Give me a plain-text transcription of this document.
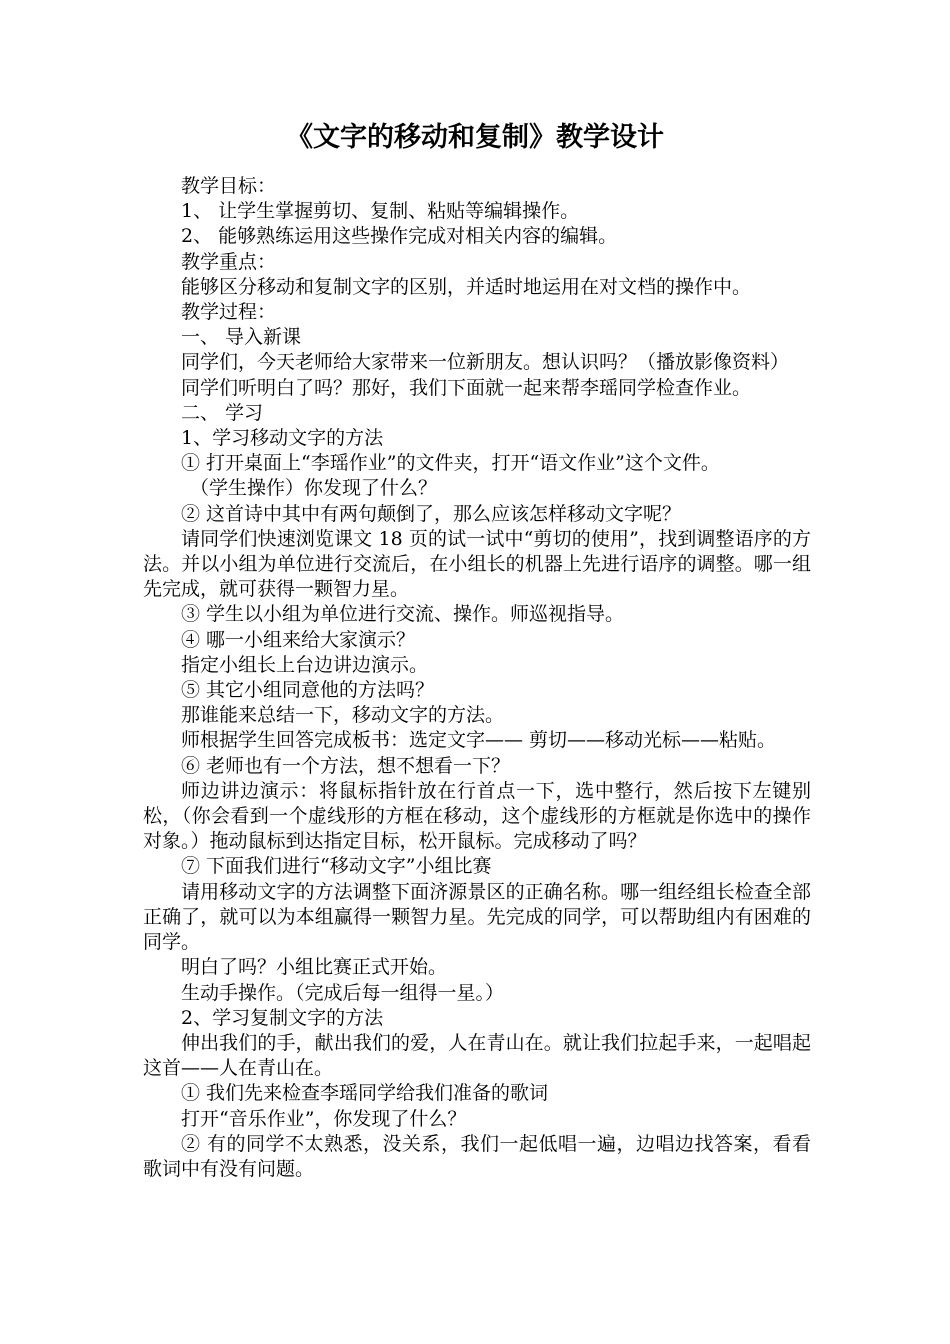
《文字的移动和复制》教学设计

教学目标：

1、 让学生掌握剪切、复制、粘贴等编辑操作。

2、 能够熟练运用这些操作完成对相关内容的编辑。

教学重点：

能够区分移动和复制文字的区别，并适时地运用在对文档的操作中。

教学过程：

一、 导入新课

同学们，今天老师给大家带来一位新朋友。想认识吗？（播放影像资料）

同学们听明白了吗？那好，我们下面就一起来帮李瑶同学检查作业。

二、 学习

1、学习移动文字的方法

① 打开桌面上“李瑶作业”的文件夹，打开“语文作业”这个文件。

（学生操作）你发现了什么？

② 这首诗中其中有两句颠倒了，那么应该怎样移动文字呢？

请同学们快速浏览课文 18 页的试一试中“剪切的使用”，找到调整语序的方法。并以小组为单位进行交流后，在小组长的机器上先进行语序的调整。哪一组先完成，就可获得一颗智力星。

③ 学生以小组为单位进行交流、操作。师巡视指导。

④ 哪一小组来给大家演示？

指定小组长上台边讲边演示。

⑤ 其它小组同意他的方法吗？

那谁能来总结一下，移动文字的方法。

师根据学生回答完成板书：选定文字—— 剪切——移动光标——粘贴。

⑥ 老师也有一个方法，想不想看一下？

师边讲边演示：将鼠标指针放在行首点一下，选中整行，然后按下左键别松，（你会看到一个虚线形的方框在移动，这个虚线形的方框就是你选中的操作对象。）拖动鼠标到达指定目标，松开鼠标。完成移动了吗？

⑦ 下面我们进行“移动文字”小组比赛

请用移动文字的方法调整下面济源景区的正确名称。哪一组经组长检查全部正确了，就可以为本组赢得一颗智力星。先完成的同学，可以帮助组内有困难的同学。

明白了吗？小组比赛正式开始。

生动手操作。（完成后每一组得一星。）

2、学习复制文字的方法

伸出我们的手，献出我们的爱，人在青山在。就让我们拉起手来，一起唱起这首——人在青山在。

① 我们先来检查李瑶同学给我们准备的歌词

打开“音乐作业”，你发现了什么？

② 有的同学不太熟悉，没关系，我们一起低唱一遍，边唱边找答案，看看歌词中有没有问题。
